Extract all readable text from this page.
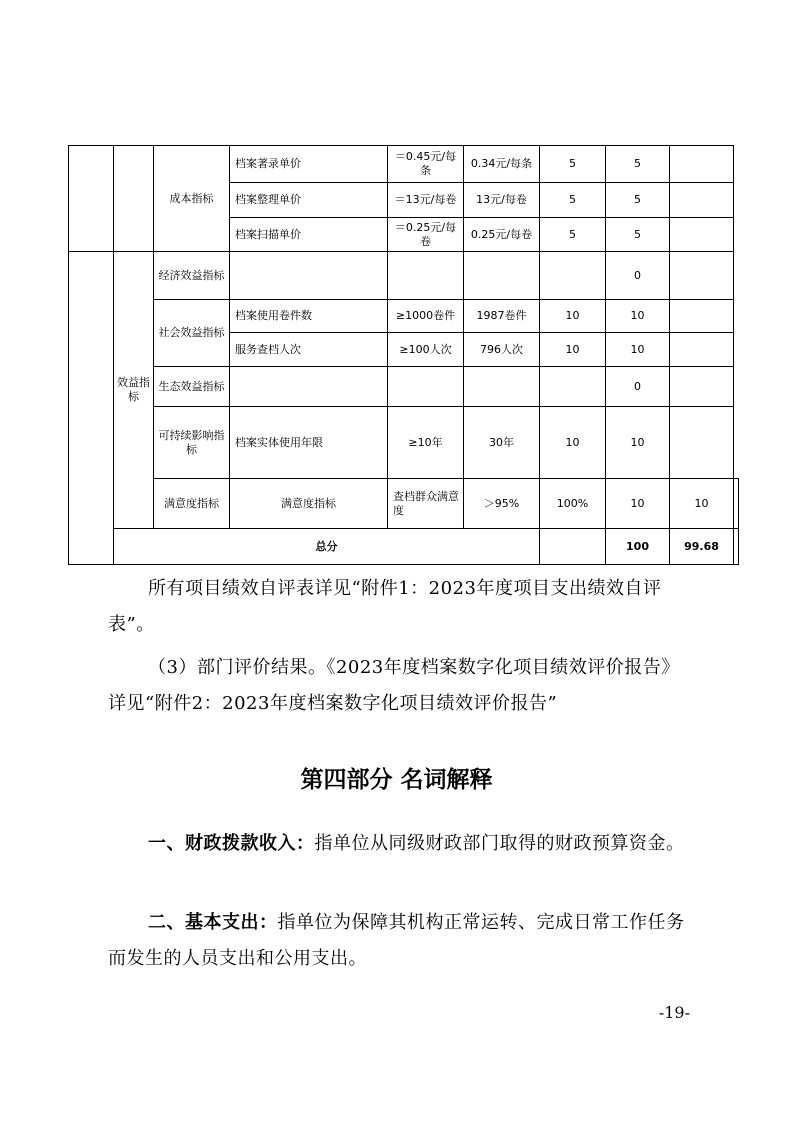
		成本指标	档案著录单价	＝0.45元/每条	0.34元/每条	5	5		
			档案整理单价	＝13元/每卷	13元/每卷	5	5		
			档案扫描单价	＝0.25元/每卷	0.25元/每卷	5	5		
	效益指标	经济效益指标					0		
		社会效益指标	档案使用卷件数	≥1000卷件	1987卷件	10	10		
			服务查档人次	≥100人次	796人次	10	10		
		生态效益指标					0		
		可持续影响指标	档案实体使用年限	≥10年	30年	10	10		
		满意度指标	满意度指标	查档群众满意度	＞95%	100%	10	10	
	总分						100	99.68	
所有项目绩效自评表详见“附件1：2023年度项目支出绩效自评表”。
（3）部门评价结果。《2023年度档案数字化项目绩效评价报告》详见“附件2：2023年度档案数字化项目绩效评价报告”
第四部分 名词解释
一、财政拨款收入：指单位从同级财政部门取得的财政预算资金。
二、基本支出：指单位为保障其机构正常运转、完成日常工作任务而发生的人员支出和公用支出。
-19-
